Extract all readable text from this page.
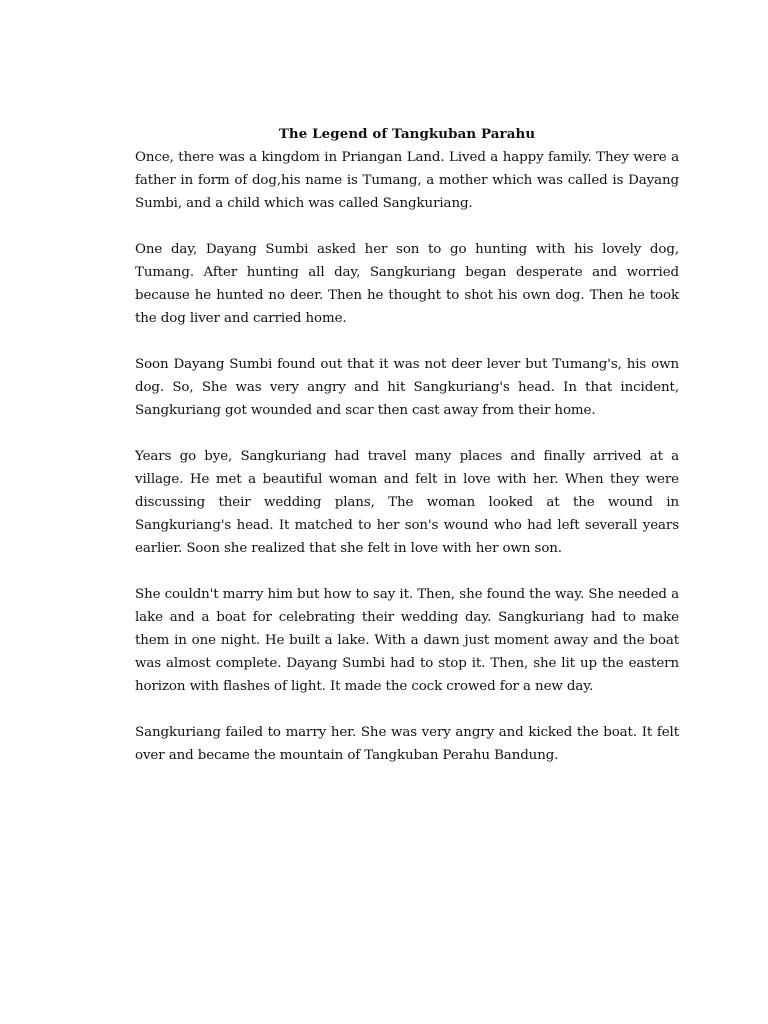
The Legend of Tangkuban Parahu

Once, there was a kingdom in Priangan Land. Lived a happy family. They were a father in form of dog,his name is Tumang, a mother which was called is Dayang Sumbi, and a child which was called Sangkuriang.

One day, Dayang Sumbi asked her son to go hunting with his lovely dog, Tumang. After hunting all day, Sangkuriang began desperate and worried because he hunted no deer. Then he thought to shot his own dog. Then he took the dog liver and carried home.

Soon Dayang Sumbi found out that it was not deer lever but Tumang's, his own dog. So, She was very angry and hit Sangkuriang's head. In that incident, Sangkuriang got wounded and scar then cast away from their home.

Years go bye, Sangkuriang had travel many places and finally arrived at a village. He met a beautiful woman and felt in love with her. When they were discussing their wedding plans, The woman looked at the wound in Sangkuriang's head. It matched to her son's wound who had left severall years earlier. Soon she realized that she felt in love with her own son.

She couldn't marry him but how to say it. Then, she found the way. She needed a lake and a boat for celebrating their wedding day. Sangkuriang had to make them in one night. He built a lake. With a dawn just moment away and the boat was almost complete. Dayang Sumbi had to stop it. Then, she lit up the eastern horizon with flashes of light. It made the cock crowed for a new day.

Sangkuriang failed to marry her. She was very angry and kicked the boat. It felt over and became the mountain of Tangkuban Perahu Bandung.
